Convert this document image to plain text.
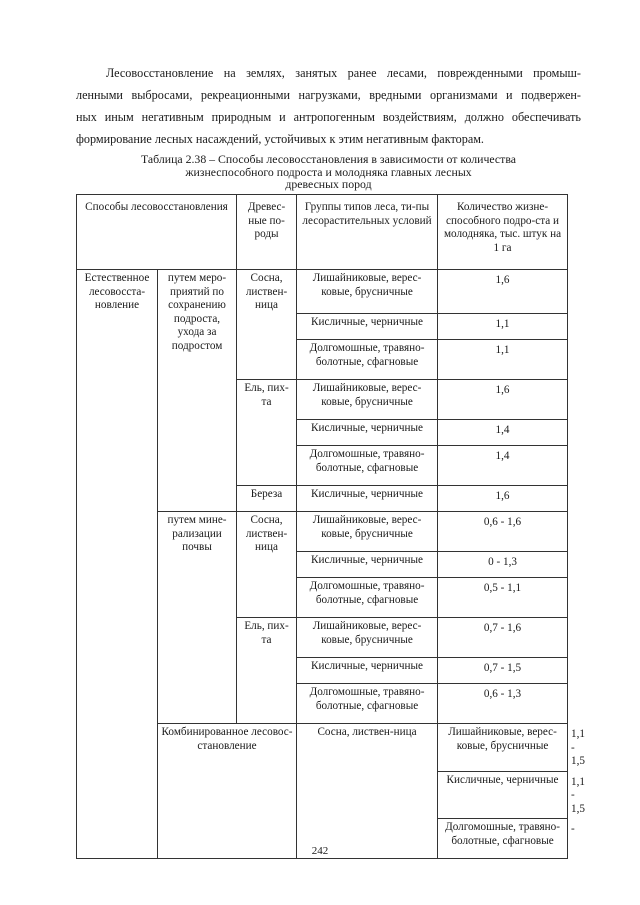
Лесовосстановление на землях, занятых ранее лесами, поврежденными промыш-
ленными выбросами, рекреационными нагрузками, вредными организмами и подвержен-
ных иным негативным природным и антропогенным воздействиям, должно обеспечивать
формирование лесных насаждений, устойчивых к этим негативным факторам.
Таблица 2.38 – Способы лесовосстановления в зависимости от количества
жизнеспособного подроста и молодняка главных лесных
древесных пород
Способы лесовосстановления		Древес-ные по-роды	Группы типов леса, ти-пы лесорастительных условий	Количество жизне-способного подро-ста и молодняка, тыс. штук на 1 га	
Естественное лесовосста-новление	путем меро-приятий по сохранению подроста, ухода за подростом	Сосна, листвен-ница	Лишайниковые, верес-ковые, брусничные	1,6	
			Кисличные, черничные	1,1	
			Долгомошные, травяно-болотные, сфагновые	1,1	
		Ель, пих-та	Лишайниковые, верес-ковые, брусничные	1,6	
			Кисличные, черничные	1,4	
			Долгомошные, травяно-болотные, сфагновые	1,4	
		Береза	Кисличные, черничные	1,6	
	путем мине-рализации почвы	Сосна, листвен-ница	Лишайниковые, верес-ковые, брусничные	0,6 - 1,6	
			Кисличные, черничные	0 - 1,3	
			Долгомошные, травяно-болотные, сфагновые	0,5 - 1,1	
		Ель, пих-та	Лишайниковые, верес-ковые, брусничные	0,7 - 1,6	
			Кисличные, черничные	0,7 - 1,5	
			Долгомошные, травяно-болотные, сфагновые	0,6 - 1,3	
	Комбинированное лесовос-становление		Сосна, листвен-ница	Лишайниковые, верес-ковые, брусничные	1,1 - 1,5
				Кисличные, черничные	1,1 - 1,5
				Долгомошные, травяно-болотные, сфагновые	-
242
